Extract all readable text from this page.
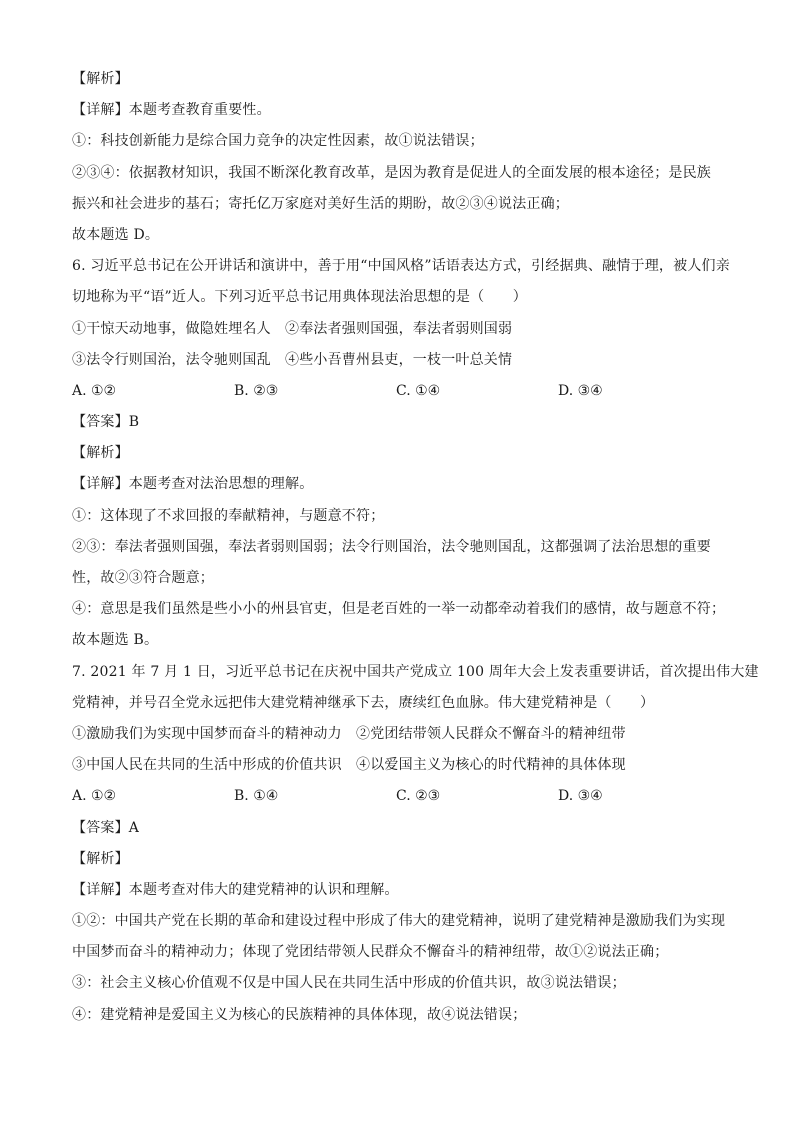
【解析】
【详解】本题考查教育重要性。
①：科技创新能力是综合国力竞争的决定性因素，故①说法错误；
②③④：依据教材知识，我国不断深化教育改革，是因为教育是促进人的全面发展的根本途径；是民族
振兴和社会进步的基石；寄托亿万家庭对美好生活的期盼，故②③④说法正确；
故本题选 D。
6. 习近平总书记在公开讲话和演讲中，善于用“中国风格”话语表达方式，引经据典、融情于理，被人们亲
切地称为平“语”近人。下列习近平总书记用典体现法治思想的是（　　）
①干惊天动地事，做隐姓埋名人　②奉法者强则国强，奉法者弱则国弱
③法令行则国治，法令驰则国乱　④些小吾曹州县吏，一枝一叶总关情
A. ①②	B. ②③	C. ①④	D. ③④
【答案】B
【解析】
【详解】本题考查对法治思想的理解。
①：这体现了不求回报的奉献精神，与题意不符；
②③：奉法者强则国强，奉法者弱则国弱；法令行则国治，法令驰则国乱，这都强调了法治思想的重要
性，故②③符合题意；
④：意思是我们虽然是些小小的州县官吏，但是老百姓的一举一动都牵动着我们的感情，故与题意不符；
故本题选 B。
7. 2021 年 7 月 1 日，习近平总书记在庆祝中国共产党成立 100 周年大会上发表重要讲话，首次提出伟大建
党精神，并号召全党永远把伟大建党精神继承下去，赓续红色血脉。伟大建党精神是（　　）
①激励我们为实现中国梦而奋斗的精神动力　②党团结带领人民群众不懈奋斗的精神纽带
③中国人民在共同的生活中形成的价值共识　④以爱国主义为核心的时代精神的具体体现
A. ①②	B. ①④	C. ②③	D. ③④
【答案】A
【解析】
【详解】本题考查对伟大的建党精神的认识和理解。
①②：中国共产党在长期的革命和建设过程中形成了伟大的建党精神，说明了建党精神是激励我们为实现
中国梦而奋斗的精神动力；体现了党团结带领人民群众不懈奋斗的精神纽带，故①②说法正确；
③：社会主义核心价值观不仅是中国人民在共同生活中形成的价值共识，故③说法错误；
④：建党精神是爱国主义为核心的民族精神的具体体现，故④说法错误；
